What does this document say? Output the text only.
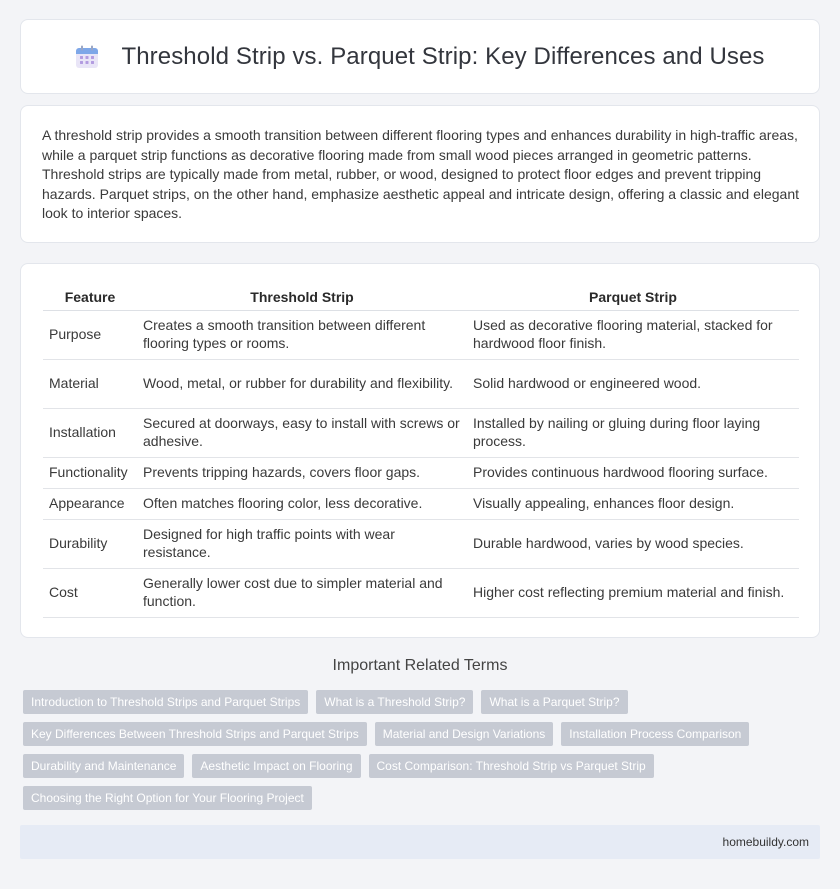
Threshold Strip vs. Parquet Strip: Key Differences and Uses

A threshold strip provides a smooth transition between different flooring types and enhances durability in high-traffic areas, while a parquet strip functions as decorative flooring made from small wood pieces arranged in geometric patterns. Threshold strips are typically made from metal, rubber, or wood, designed to protect floor edges and prevent tripping hazards. Parquet strips, on the other hand, emphasize aesthetic appeal and intricate design, offering a classic and elegant look to interior spaces.

Feature	Threshold Strip	Parquet Strip
Purpose	Creates a smooth transition between different flooring types or rooms.	Used as decorative flooring material, stacked for hardwood floor finish.
Material	Wood, metal, or rubber for durability and flexibility.	Solid hardwood or engineered wood.
Installation	Secured at doorways, easy to install with screws or adhesive.	Installed by nailing or gluing during floor laying process.
Functionality	Prevents tripping hazards, covers floor gaps.	Provides continuous hardwood flooring surface.
Appearance	Often matches flooring color, less decorative.	Visually appealing, enhances floor design.
Durability	Designed for high traffic points with wear resistance.	Durable hardwood, varies by wood species.
Cost	Generally lower cost due to simpler material and function.	Higher cost reflecting premium material and finish.
Important Related Terms
Introduction to Threshold Strips and Parquet Strips	What is a Threshold Strip?	What is a Parquet Strip?
Key Differences Between Threshold Strips and Parquet Strips	Material and Design Variations	Installation Process Comparison
Durability and Maintenance	Aesthetic Impact on Flooring	Cost Comparison: Threshold Strip vs Parquet Strip
Choosing the Right Option for Your Flooring Project
homebuildy.com
